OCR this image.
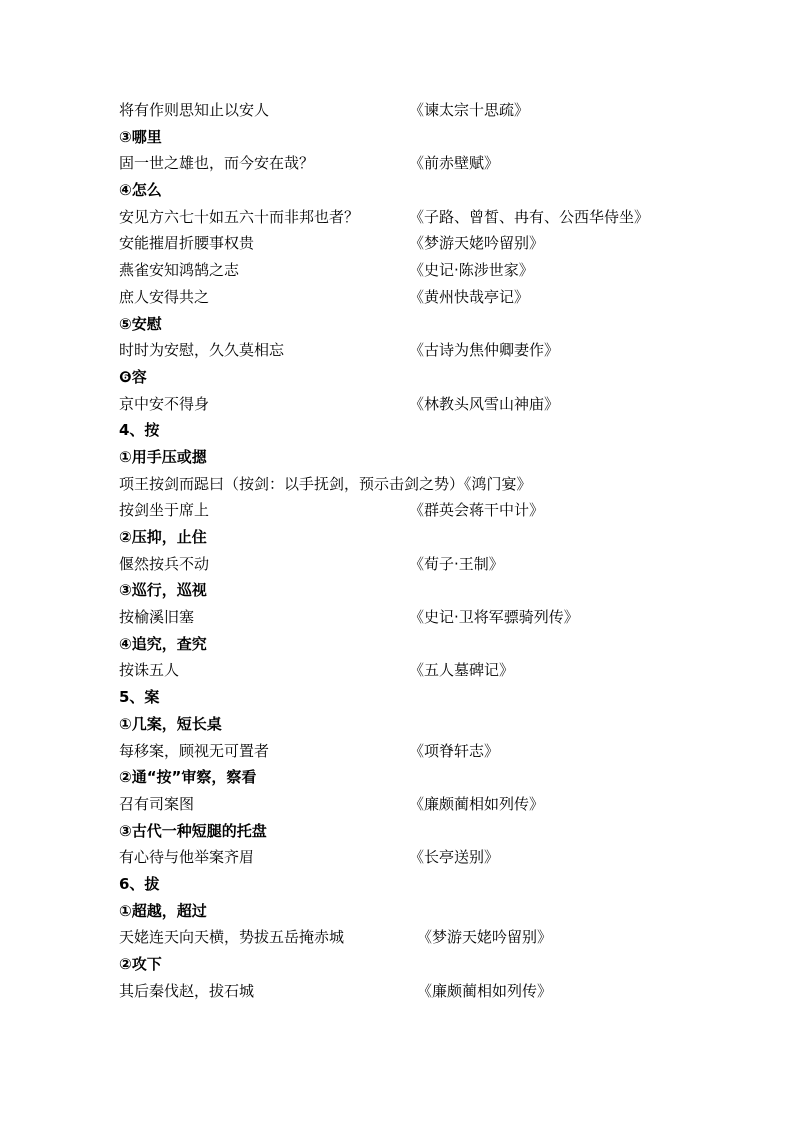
将有作则思知止以安人	《谏太宗十思疏》
③哪里
固一世之雄也，而今安在哉？	《前赤壁赋》
④怎么
安见方六七十如五六十而非邦也者？	《子路、曾皙、冉有、公西华侍坐》
安能摧眉折腰事权贵	《梦游天姥吟留别》
燕雀安知鸿鹄之志	《史记·陈涉世家》
庶人安得共之	《黄州快哉亭记》
⑤安慰
时时为安慰，久久莫相忘	《古诗为焦仲卿妻作》
❻容
京中安不得身	《林教头风雪山神庙》
4、按
①用手压或摁
项王按剑而跽曰（按剑：以手抚剑，预示击剑之势）《鸿门宴》
按剑坐于席上	《群英会蒋干中计》
②压抑，止住
偃然按兵不动	《荀子·王制》
③巡行，巡视
按榆溪旧塞	《史记·卫将军骠骑列传》
④追究，查究
按诛五人	《五人墓碑记》
5、案
①几案，短长桌
每移案，顾视无可置者	《项脊轩志》
②通“按”审察，察看
召有司案图	《廉颇蔺相如列传》
③古代一种短腿的托盘
有心待与他举案齐眉	《长亭送别》
6、拔
①超越，超过
天姥连天向天横，势拔五岳掩赤城	《梦游天姥吟留别》
②攻下
其后秦伐赵，拔石城	《廉颇蔺相如列传》
